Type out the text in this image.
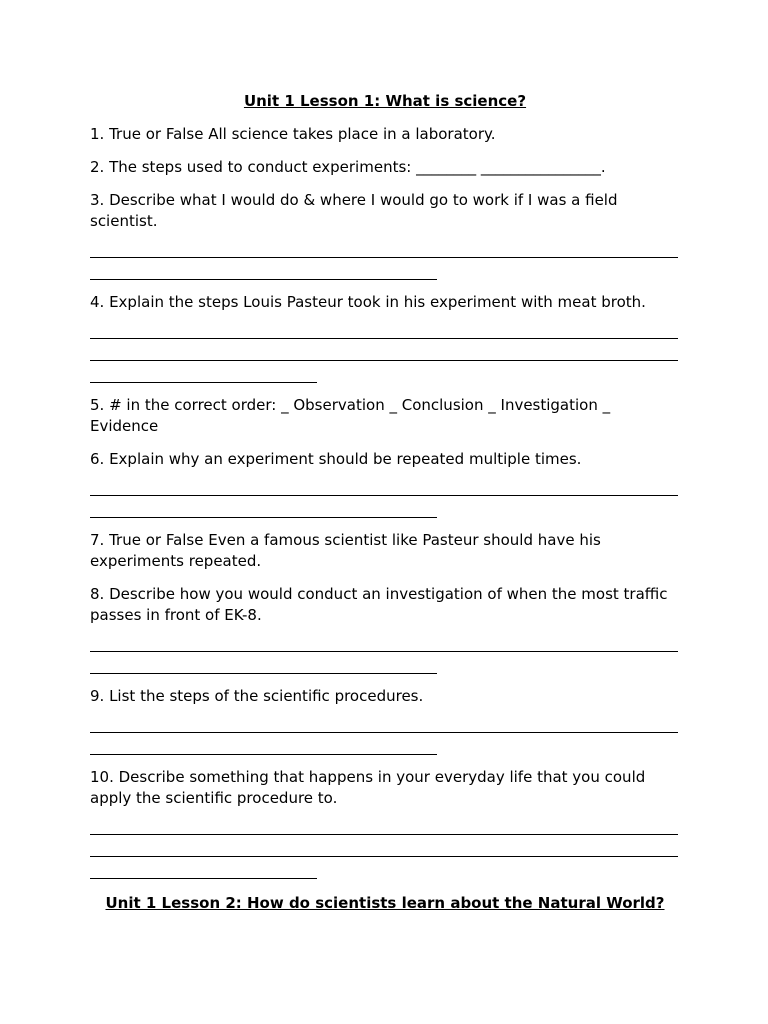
Unit 1 Lesson 1: What is science?
1. True or False All science takes place in a laboratory.
2. The steps used to conduct experiments: ________ ________________.
3. Describe what I would do & where I would go to work if I was a field scientist.
4. Explain the steps Louis Pasteur took in his experiment with meat broth.
5. # in the correct order: _ Observation _ Conclusion _ Investigation _ Evidence
6. Explain why an experiment should be repeated multiple times.
7. True or False Even a famous scientist like Pasteur should have his experiments repeated.
8. Describe how you would conduct an investigation of when the most traffic passes in front of EK-8.
9. List the steps of the scientific procedures.
10. Describe something that happens in your everyday life that you could apply the scientific procedure to.
Unit 1 Lesson 2: How do scientists learn about the Natural World?
